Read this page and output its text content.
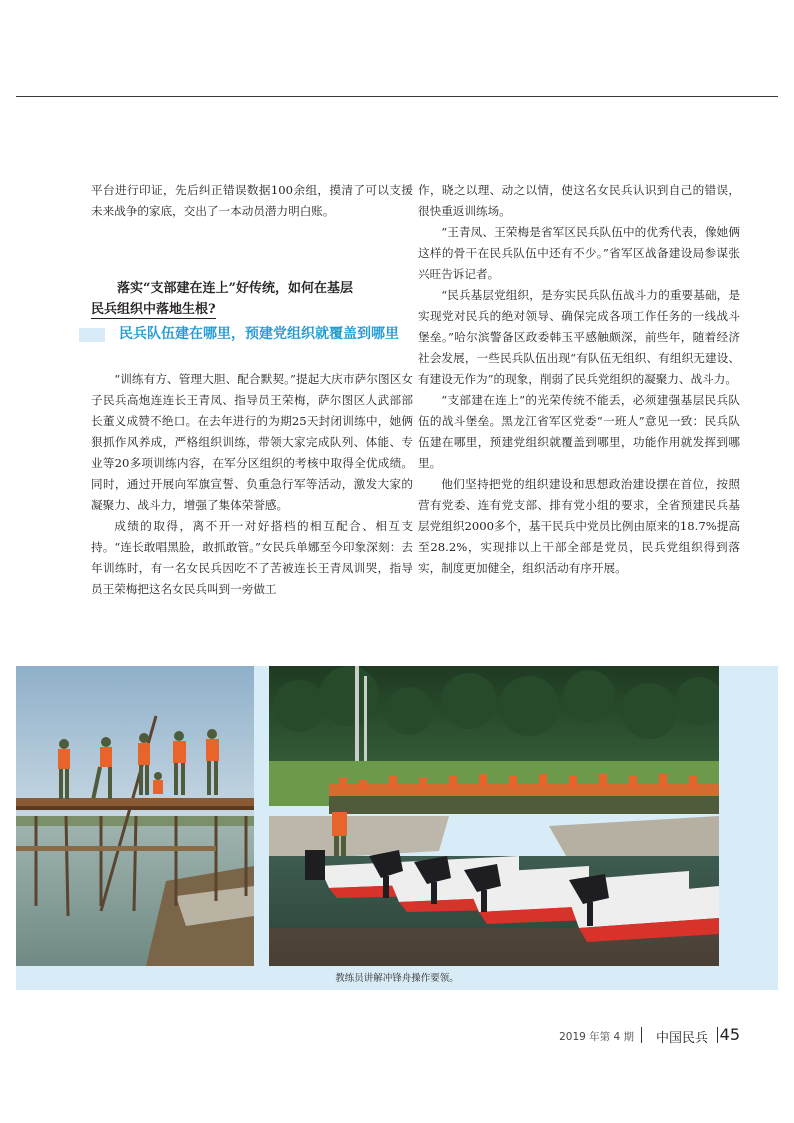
平台进行印证，先后纠正错误数据100余组，摸清了可以支援未来战争的家底，交出了一本动员潜力明白账。

落实“支部建在连上”好传统，如何在基层
民兵组织中落地生根?
民兵队伍建在哪里，预建党组织就覆盖到哪里

“训练有方、管理大胆、配合默契。”提起大庆市萨尔图区女子民兵高炮连连长王青凤、指导员王荣梅，萨尔图区人武部部长董义成赞不绝口。在去年进行的为期25天封闭训练中，她俩狠抓作风养成，严格组织训练，带领大家完成队列、体能、专业等20多项训练内容，在军分区组织的考核中取得全优成绩。同时，通过开展向军旗宣誓、负重急行军等活动，激发大家的凝聚力、战斗力，增强了集体荣誉感。

成绩的取得，离不开一对好搭档的相互配合、相互支持。“连长敢唱黑脸，敢抓敢管。”女民兵单娜至今印象深刻：去年训练时，有一名女民兵因吃不了苦被连长王青凤训哭，指导员王荣梅把这名女民兵叫到一旁做工

作，晓之以理、动之以情，使这名女民兵认识到自己的错误，很快重返训练场。

“王青凤、王荣梅是省军区民兵队伍中的优秀代表，像她俩这样的骨干在民兵队伍中还有不少。”省军区战备建设局参谋张兴旺告诉记者。

“民兵基层党组织，是夯实民兵队伍战斗力的重要基础，是实现党对民兵的绝对领导、确保完成各项工作任务的一线战斗堡垒。”哈尔滨警备区政委韩玉平感触颇深，前些年，随着经济社会发展，一些民兵队伍出现“有队伍无组织、有组织无建设、有建设无作为”的现象，削弱了民兵党组织的凝聚力、战斗力。

“支部建在连上”的光荣传统不能丢，必须建强基层民兵队伍的战斗堡垒。黑龙江省军区党委“一班人”意见一致：民兵队伍建在哪里，预建党组织就覆盖到哪里，功能作用就发挥到哪里。

他们坚持把党的组织建设和思想政治建设摆在首位，按照营有党委、连有党支部、排有党小组的要求，全省预建民兵基层党组织2000多个，基干民兵中党员比例由原来的18.7%提高至28.2%，实现排以上干部全部是党员，民兵党组织得到落实，制度更加健全，组织活动有序开展。

教练员讲解冲锋舟操作要领。
2019 年第 4 期 中国民兵 45
